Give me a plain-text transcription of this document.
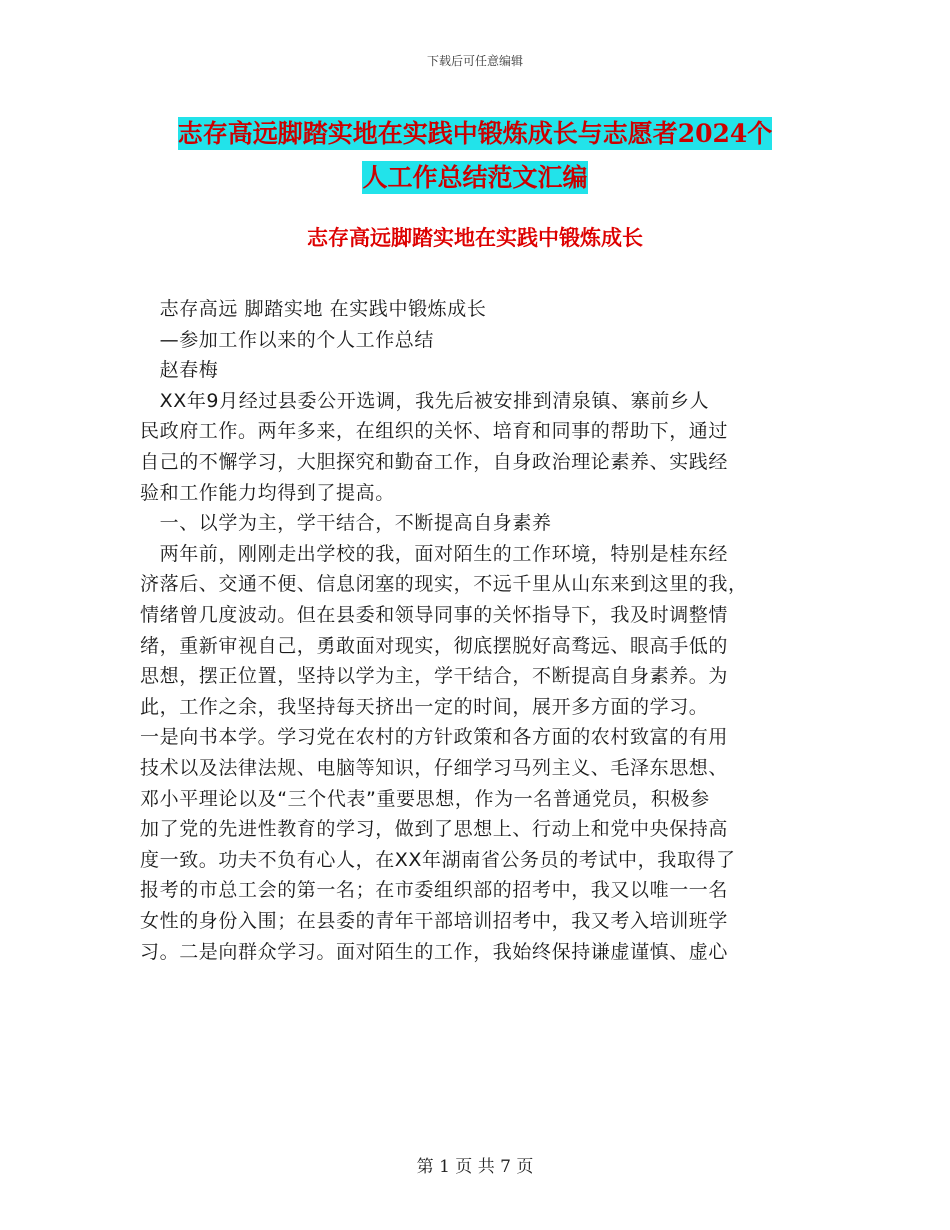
下载后可任意编辑
志存高远脚踏实地在实践中锻炼成长与志愿者2024个
人工作总结范文汇编
志存高远脚踏实地在实践中锻炼成长
　志存高远 脚踏实地 在实践中锻炼成长
　—参加工作以来的个人工作总结
　赵春梅
　XX年9月经过县委公开选调，我先后被安排到清泉镇、寨前乡人
民政府工作。两年多来，在组织的关怀、培育和同事的帮助下，通过
自己的不懈学习，大胆探究和勤奋工作，自身政治理论素养、实践经
验和工作能力均得到了提高。
　一、以学为主，学干结合，不断提高自身素养
　两年前，刚刚走出学校的我，面对陌生的工作环境，特别是桂东经
济落后、交通不便、信息闭塞的现实，不远千里从山东来到这里的我，
情绪曾几度波动。但在县委和领导同事的关怀指导下，我及时调整情
绪，重新审视自己，勇敢面对现实，彻底摆脱好高骛远、眼高手低的
思想，摆正位置，坚持以学为主，学干结合，不断提高自身素养。为
此，工作之余，我坚持每天挤出一定的时间，展开多方面的学习。
一是向书本学。学习党在农村的方针政策和各方面的农村致富的有用
技术以及法律法规、电脑等知识，仔细学习马列主义、毛泽东思想、
邓小平理论以及“三个代表”重要思想，作为一名普通党员，积极参
加了党的先进性教育的学习，做到了思想上、行动上和党中央保持高
度一致。功夫不负有心人，在XX年湖南省公务员的考试中，我取得了
报考的市总工会的第一名；在市委组织部的招考中，我又以唯一一名
女性的身份入围；在县委的青年干部培训招考中，我又考入培训班学
习。二是向群众学习。面对陌生的工作，我始终保持谦虚谨慎、虚心
第 1 页 共 7 页
